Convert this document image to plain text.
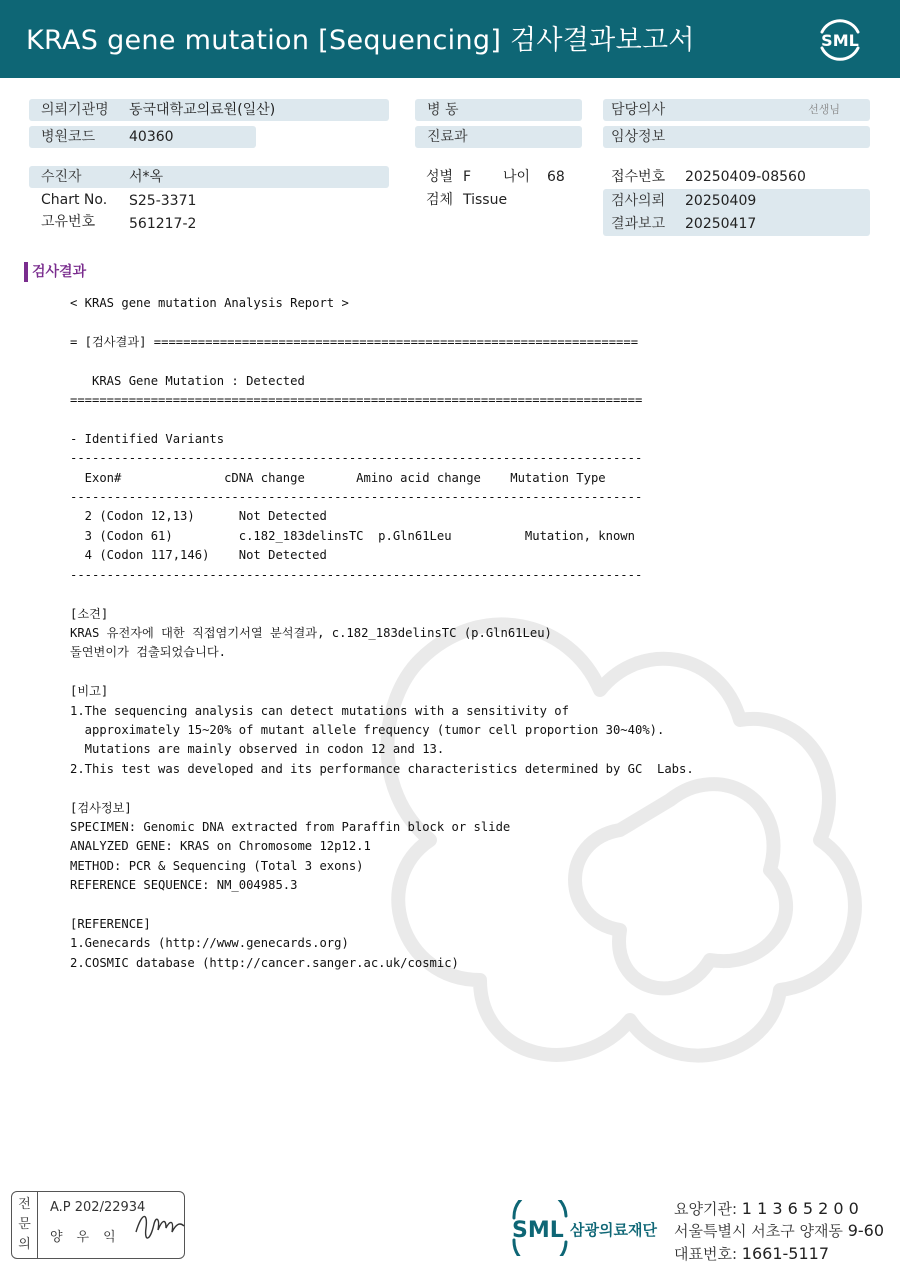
KRAS gene mutation [Sequencing] 검사결과보고서	SML
의뢰기관명 동국대학교의료원(일산)
병원코드 40360
수진자	서*옥
Chart No. S25-3371
고유번호 561217-2
병 동
진료과
성별 F 나이 68
검체 Tissue
담당의사	선생님
임상정보
접수번호 20250409-08560
검사의뢰 20250409
결과보고 20250417
검사결과
< KRAS gene mutation Analysis Report >

= [검사결과] ==================================================================

KRAS Gene Mutation : Detected
==============================================================================

- Identified Variants
------------------------------------------------------------------------------
Exon#              cDNA change       Amino acid change    Mutation Type
------------------------------------------------------------------------------
2 (Codon 12,13)      Not Detected
3 (Codon 61)         c.182_183delinsTC  p.Gln61Leu          Mutation, known
4 (Codon 117,146)    Not Detected
------------------------------------------------------------------------------

[소견]
KRAS 유전자에 대한 직접염기서열 분석결과, c.182_183delinsTC (p.Gln61Leu)
돌연변이가 검출되었습니다.

[비고]
1.The sequencing analysis can detect mutations with a sensitivity of
approximately 15~20% of mutant allele frequency (tumor cell proportion 30~40%).
Mutations are mainly observed in codon 12 and 13.
2.This test was developed and its performance characteristics determined by GC  Labs.

[검사정보]
SPECIMEN: Genomic DNA extracted from Paraffin block or slide
ANALYZED GENE: KRAS on Chromosome 12p12.1
METHOD: PCR & Sequencing (Total 3 exons)
REFERENCE SEQUENCE: NM_004985.3

[REFERENCE]
1.Genecards (http://www.genecards.org)
2.COSMIC database (http://cancer.sanger.ac.uk/cosmic)
전
문
의
A.P 202/22934
양우익	SML 삼광의료재단
요양기관: 1 1 3 6 5 2 0 0
서울특별시 서초구 양재동 9-60
대표번호: 1661-5117
